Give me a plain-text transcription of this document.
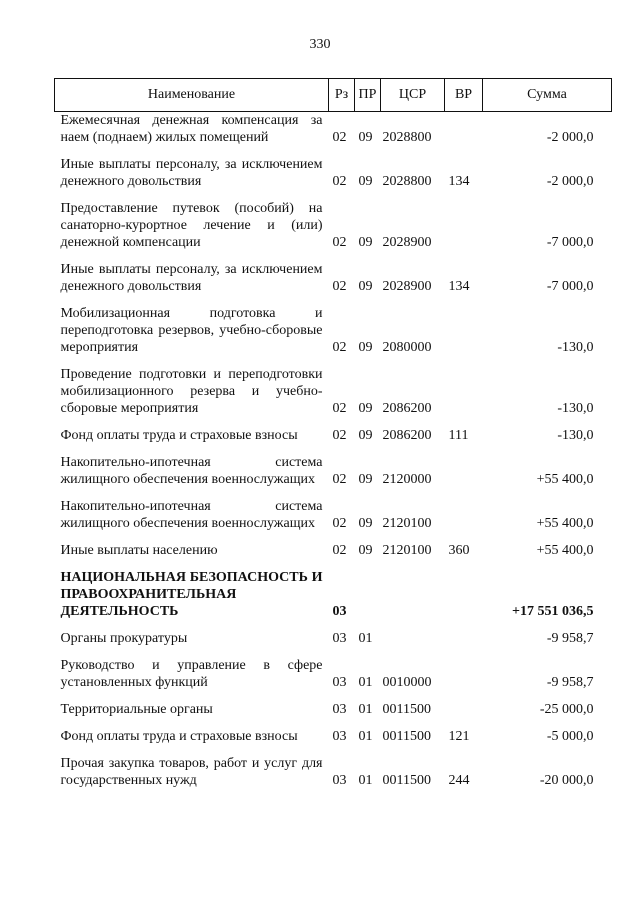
330
Наименование	Рз	ПР	ЦСР	ВР	Сумма
Ежемесячная денежная компенсация за наем (поднаем) жилых помещений	02	09	2028800		-2 000,0
Иные выплаты персоналу, за исключением денежного довольствия	02	09	2028800	134	-2 000,0
Предоставление путевок (пособий) на санаторно-курортное лечение и (или) денежной компенсации	02	09	2028900		-7 000,0
Иные выплаты персоналу, за исключением денежного довольствия	02	09	2028900	134	-7 000,0
Мобилизационная подготовка и переподготовка резервов, учебно-сборовые мероприятия	02	09	2080000		-130,0
Проведение подготовки и переподготовки мобилизационного резерва и учебно-сборовые мероприятия	02	09	2086200		-130,0
Фонд оплаты труда и страховые взносы	02	09	2086200	111	-130,0
Накопительно-ипотечная система жилищного обеспечения военнослужащих	02	09	2120000		+55 400,0
Накопительно-ипотечная система жилищного обеспечения военнослужащих	02	09	2120100		+55 400,0
Иные выплаты населению	02	09	2120100	360	+55 400,0
НАЦИОНАЛЬНАЯ БЕЗОПАСНОСТЬ И ПРАВООХРАНИТЕЛЬНАЯ ДЕЯТЕЛЬНОСТЬ	03				+17 551 036,5
Органы прокуратуры	03	01			-9 958,7
Руководство и управление в сфере установленных функций	03	01	0010000		-9 958,7
Территориальные органы	03	01	0011500		-25 000,0
Фонд оплаты труда и страховые взносы	03	01	0011500	121	-5 000,0
Прочая закупка товаров, работ и услуг для государственных нужд	03	01	0011500	244	-20 000,0
